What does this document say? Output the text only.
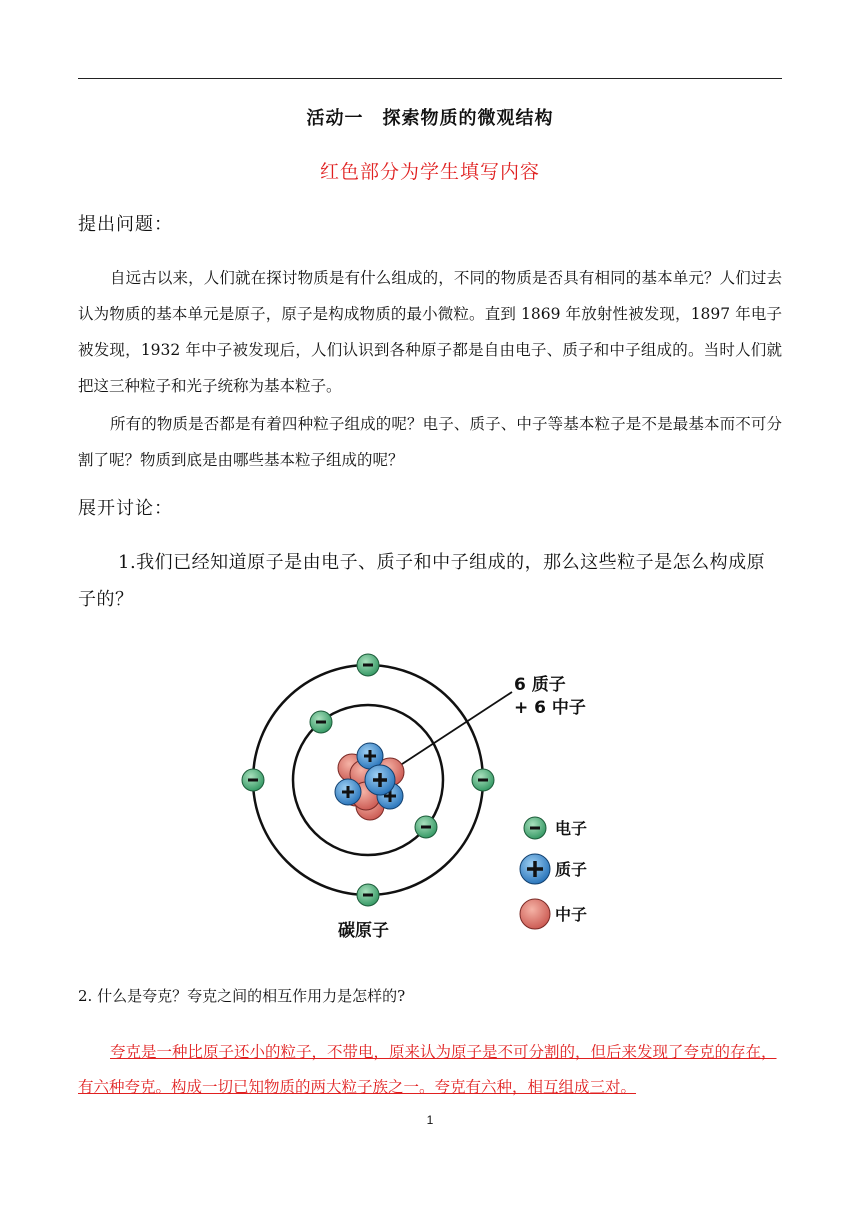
活动一　探索物质的微观结构
红色部分为学生填写内容
提出问题：
自远古以来，人们就在探讨物质是有什么组成的，不同的物质是否具有相同的基本单元？人们过去认为物质的基本单元是原子，原子是构成物质的最小微粒。直到 1869 年放射性被发现，1897 年电子被发现，1932 年中子被发现后，人们认识到各种原子都是自由电子、质子和中子组成的。当时人们就把这三种粒子和光子统称为基本粒子。
所有的物质是否都是有着四种粒子组成的呢？电子、质子、中子等基本粒子是不是最基本而不可分割了呢？物质到底是由哪些基本粒子组成的呢？
展开讨论：
1.我们已经知道原子是由电子、质子和中子组成的，那么这些粒子是怎么构成原子的？
6 质子
+ 6 中子
电子
质子
中子
碳原子
2. 什么是夸克？夸克之间的相互作用力是怎样的?
夸克是一种比原子还小的粒子，不带电，原来认为原子是不可分割的，但后来发现了夸克的存在，有六种夸克。构成一切已知物质的两大粒子族之一。夸克有六种，相互组成三对。
1
